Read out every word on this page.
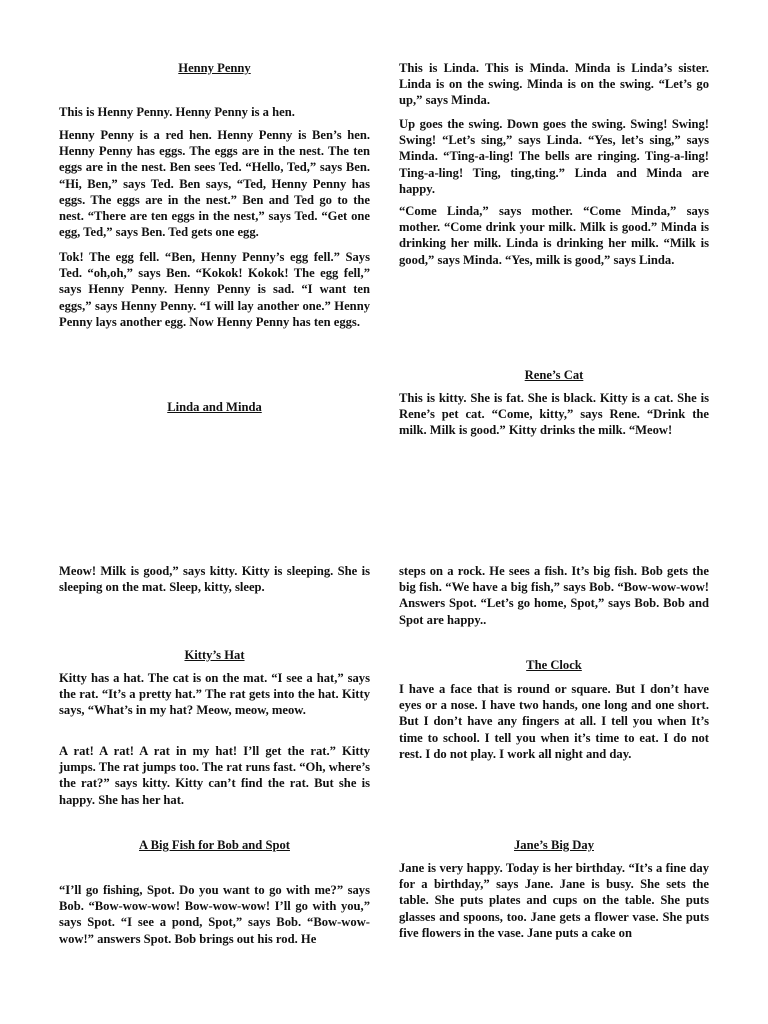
Henny Penny

This is Henny Penny. Henny Penny is a hen.

Henny Penny is a red hen. Henny Penny is Ben’s hen. Henny Penny has eggs. The eggs are in the nest. The ten eggs are in the nest. Ben sees Ted. “Hello, Ted,” says Ben. “Hi, Ben,” says Ted. Ben says, “Ted, Henny Penny has eggs. The eggs are in the nest.” Ben and Ted go to the nest. “There are ten eggs in the nest,” says Ted. “Get one egg, Ted,” says Ben. Ted gets one egg.

Tok! The egg fell. “Ben, Henny Penny’s egg fell.” Says Ted. “oh,oh,” says Ben. “Kokok! Kokok! The egg fell,” says Henny Penny. Henny Penny is sad. “I want ten eggs,” says Henny Penny. “I will lay another one.” Henny Penny lays another egg. Now Henny Penny has ten eggs.

Linda and Minda

Meow! Milk is good,” says kitty. Kitty is sleeping. She is sleeping on the mat. Sleep, kitty, sleep.

Kitty’s Hat

Kitty has a hat. The cat is on the mat. “I see a hat,” says the rat. “It’s a pretty hat.” The rat gets into the hat. Kitty says, “What’s in my hat? Meow, meow, meow.

A rat! A rat! A rat in my hat! I’ll get the rat.” Kitty jumps. The rat jumps too. The rat runs fast. “Oh, where’s the rat?” says kitty. Kitty can’t find the rat. But she is happy. She has her hat.

A Big Fish for Bob and Spot

“I’ll go fishing, Spot. Do you want to go with me?” says Bob. “Bow-wow-wow! Bow-wow-wow! I’ll go with you,” says Spot. “I see a pond, Spot,” says Bob. “Bow-wow-wow!” answers Spot. Bob brings out his rod. He

This is Linda. This is Minda. Minda is Linda’s sister. Linda is on the swing. Minda is on the swing. “Let’s go up,” says Minda.

Up goes the swing. Down goes the swing. Swing! Swing! Swing! “Let’s sing,” says Linda. “Yes, let’s sing,” says Minda. “Ting-a-ling! The bells are ringing. Ting-a-ling! Ting-a-ling! Ting, ting,ting.” Linda and Minda are happy.

“Come Linda,” says mother. “Come Minda,” says mother. “Come drink your milk. Milk is good.” Minda is drinking her milk. Linda is drinking her milk. “Milk is good,” says Minda. “Yes, milk is good,” says Linda.

Rene’s Cat

This is kitty. She is fat. She is black. Kitty is a cat. She is Rene’s pet cat. “Come, kitty,” says Rene. “Drink the milk. Milk is good.” Kitty drinks the milk. “Meow!

steps on a rock. He sees a fish. It’s big fish. Bob gets the big fish. “We have a big fish,” says Bob. “Bow-wow-wow! Answers Spot. “Let’s go home, Spot,” says Bob. Bob and Spot are happy..

The Clock

I have a face that is round or square. But I don’t have eyes or a nose. I have two hands, one long and one short. But I don’t have any fingers at all. I tell you when It’s time to school. I tell you when it’s time to eat. I do not rest. I do not play. I work all night and day.

Jane’s Big Day

Jane is very happy. Today is her birthday. “It’s a fine day for a birthday,” says Jane. Jane is busy. She sets the table. She puts plates and cups on the table. She puts glasses and spoons, too. Jane gets a flower vase. She puts five flowers in the vase. Jane puts a cake on
